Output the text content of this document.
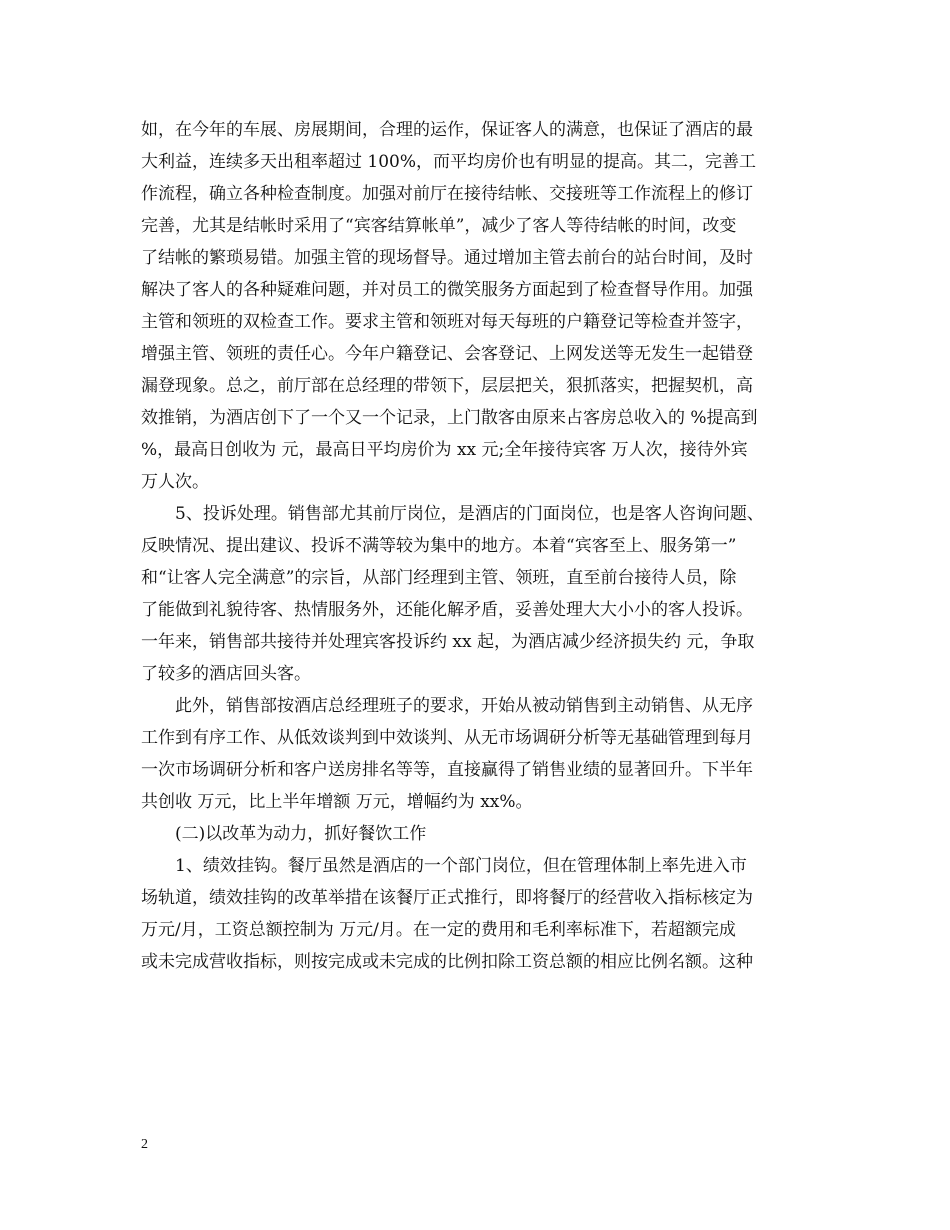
如，在今年的车展、房展期间，合理的运作，保证客人的满意，也保证了酒店的最
大利益，连续多天出租率超过 100%，而平均房价也有明显的提高。其二，完善工
作流程，确立各种检查制度。加强对前厅在接待结帐、交接班等工作流程上的修订
完善，尤其是结帐时采用了“宾客结算帐单”，减少了客人等待结帐的时间，改变
了结帐的繁琐易错。加强主管的现场督导。通过增加主管去前台的站台时间，及时
解决了客人的各种疑难问题，并对员工的微笑服务方面起到了检查督导作用。加强
主管和领班的双检查工作。要求主管和领班对每天每班的户籍登记等检查并签字，
增强主管、领班的责任心。今年户籍登记、会客登记、上网发送等无发生一起错登
漏登现象。总之，前厅部在总经理的带领下，层层把关，狠抓落实，把握契机，高
效推销，为酒店创下了一个又一个记录，上门散客由原来占客房总收入的 %提高到
%，最高日创收为 元，最高日平均房价为 xx 元;全年接待宾客 万人次，接待外宾
万人次。
5、投诉处理。销售部尤其前厅岗位，是酒店的门面岗位，也是客人咨询问题、
反映情况、提出建议、投诉不满等较为集中的地方。本着“宾客至上、服务第一”
和“让客人完全满意”的宗旨，从部门经理到主管、领班，直至前台接待人员，除
了能做到礼貌待客、热情服务外，还能化解矛盾，妥善处理大大小小的客人投诉。
一年来，销售部共接待并处理宾客投诉约 xx 起，为酒店减少经济损失约 元，争取
了较多的酒店回头客。
此外，销售部按酒店总经理班子的要求，开始从被动销售到主动销售、从无序
工作到有序工作、从低效谈判到中效谈判、从无市场调研分析等无基础管理到每月
一次市场调研分析和客户送房排名等等，直接赢得了销售业绩的显著回升。下半年
共创收 万元，比上半年增额 万元，增幅约为 xx%。
(二)以改革为动力，抓好餐饮工作
1、绩效挂钩。餐厅虽然是酒店的一个部门岗位，但在管理体制上率先进入市
场轨道，绩效挂钩的改革举措在该餐厅正式推行，即将餐厅的经营收入指标核定为
万元/月，工资总额控制为 万元/月。在一定的费用和毛利率标准下，若超额完成
或未完成营收指标，则按完成或未完成的比例扣除工资总额的相应比例名额。这种
2
